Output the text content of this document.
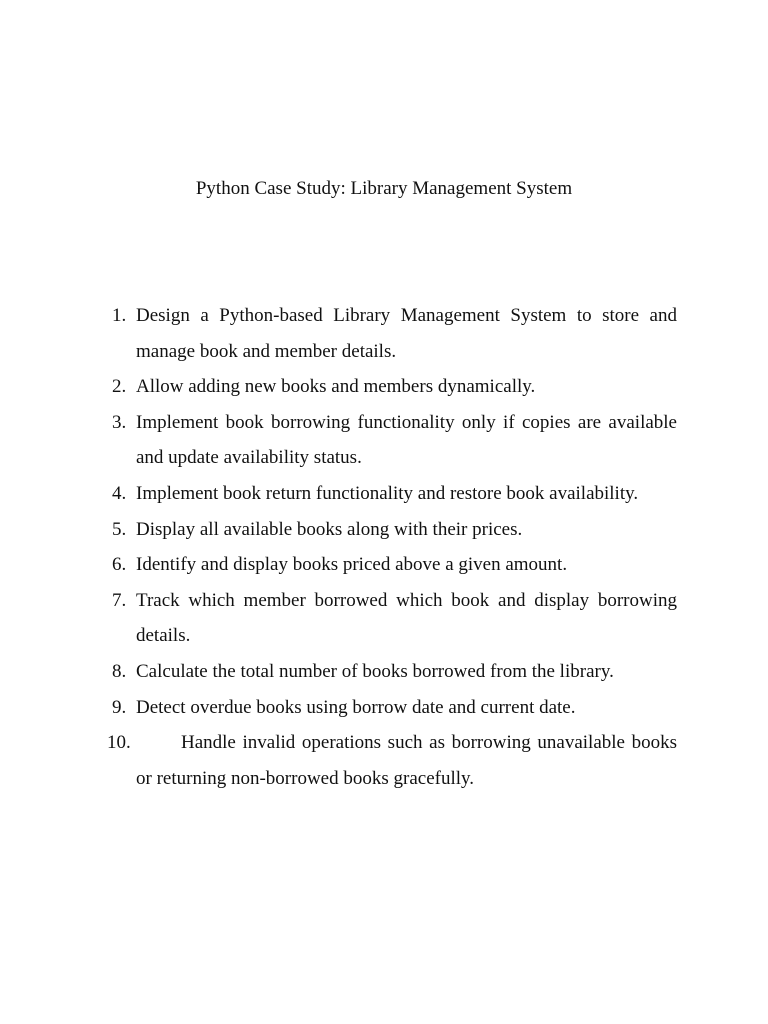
Python Case Study: Library Management System
1. Design a Python-based Library Management System to store and manage book and member details.
2. Allow adding new books and members dynamically.
3. Implement book borrowing functionality only if copies are available and update availability status.
4. Implement book return functionality and restore book availability.
5. Display all available books along with their prices.
6. Identify and display books priced above a given amount.
7. Track which member borrowed which book and display borrowing details.
8. Calculate the total number of books borrowed from the library.
9. Detect overdue books using borrow date and current date.
10.	Handle invalid operations such as borrowing unavailable books or returning non-borrowed books gracefully.
